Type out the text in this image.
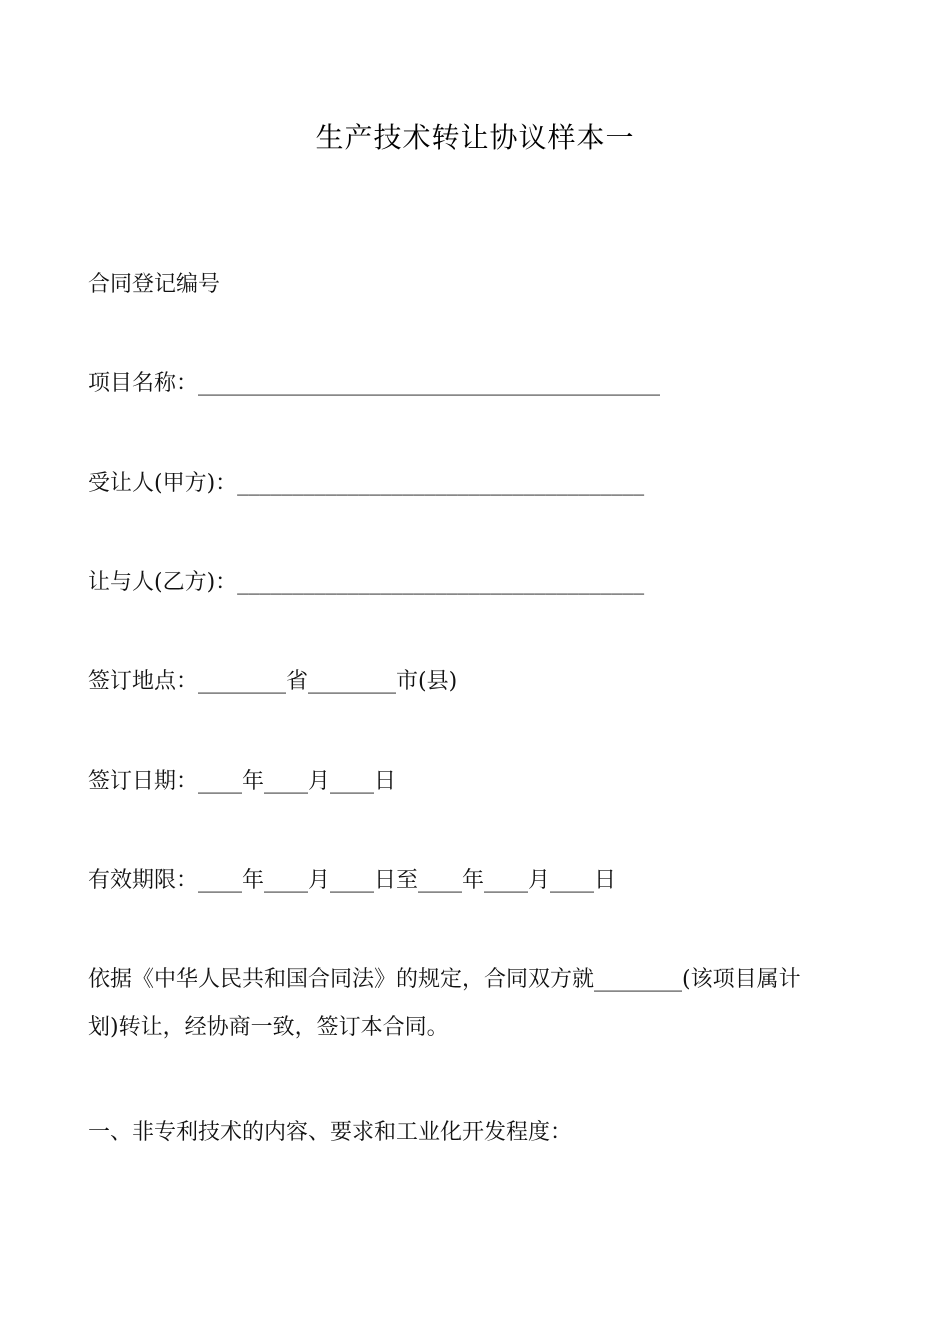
生产技术转让协议样本一
合同登记编号
项目名称：__________________________________________
受让人(甲方)：_____________________________________
让与人(乙方)：_____________________________________
签订地点：________省________市(县)
签订日期：____年____月____日
有效期限：____年____月____日至____年____月____日
依据《中华人民共和国合同法》的规定，合同双方就________(该项目属计
划)转让，经协商一致，签订本合同。
一、非专利技术的内容、要求和工业化开发程度：
